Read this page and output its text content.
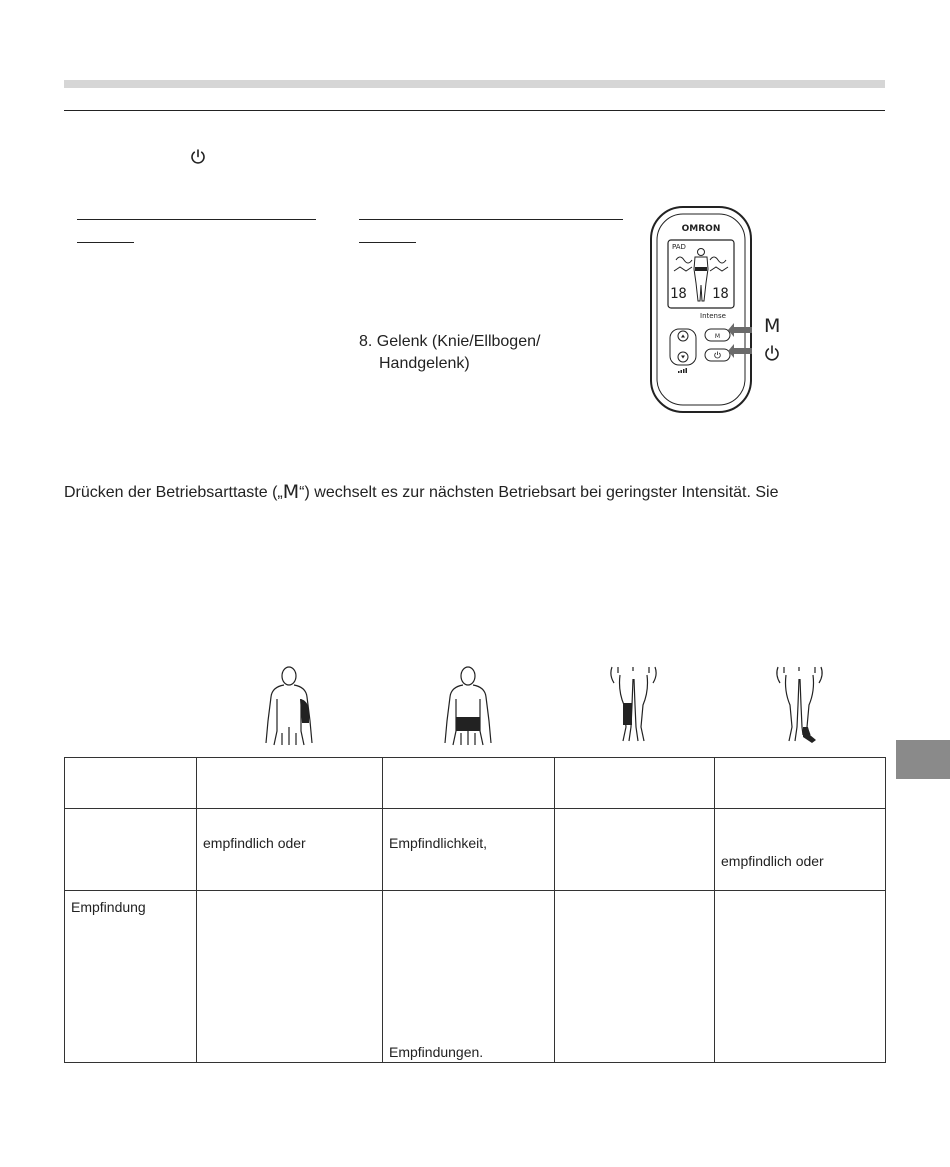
8. Gelenk (Knie/Ellbogen/
Handgelenk)
OMRON
PAD
18 18
Intense
M M
Drücken der Betriebsarttaste („M“) wechselt es zur nächsten Betriebsart bei geringster Intensität. Sie

	empfindlich oder	Empfindlichkeit,		empfindlich oder

Empfindung		Empfindungen.		
